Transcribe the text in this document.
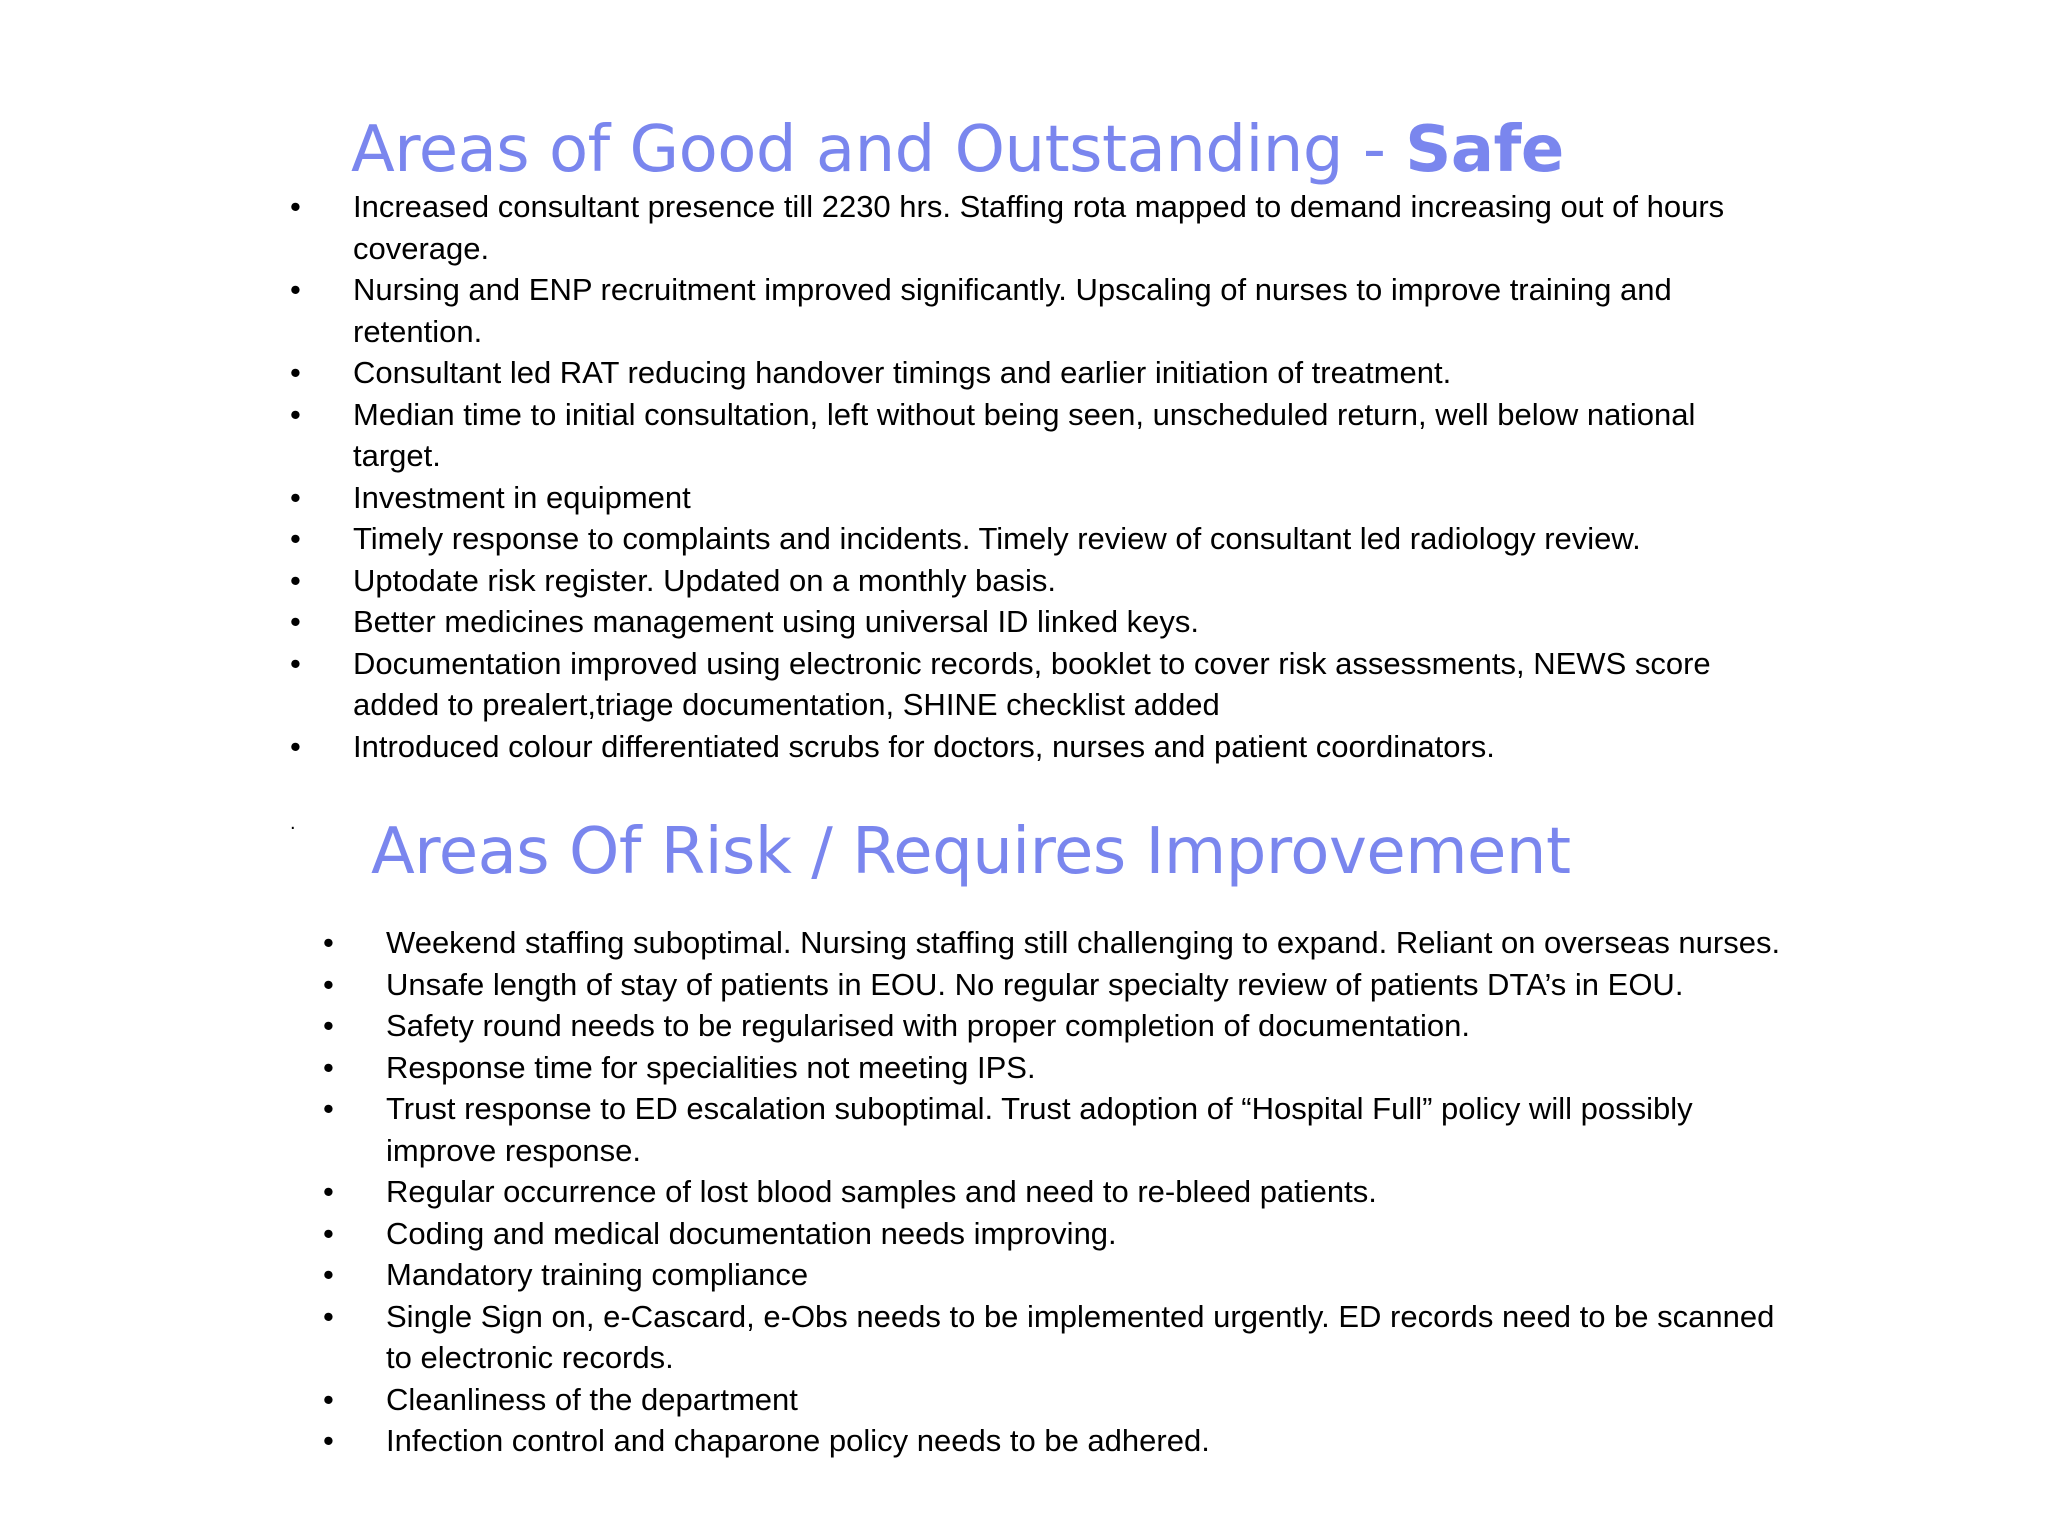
Areas of Good and Outstanding - Safe
•	Increased consultant presence till 2230 hrs. Staffing rota mapped to demand increasing out of hours coverage.
•	Nursing and ENP recruitment improved significantly. Upscaling of nurses to improve training and retention.
•	Consultant led RAT reducing handover timings and earlier initiation of treatment.
•	Median time to initial consultation, left without being seen, unscheduled return, well below national target.
•	Investment in equipment
•	Timely response to complaints and incidents. Timely review of consultant led radiology review.
•	Uptodate risk register. Updated on a monthly basis.
•	Better medicines management using universal ID linked keys.
•	Documentation improved using electronic records, booklet to cover risk assessments, NEWS score added to prealert,triage documentation, SHINE checklist added
•	Introduced colour differentiated scrubs for doctors, nurses and patient coordinators.
. Areas Of Risk / Requires Improvement
•	Weekend staffing suboptimal. Nursing staffing still challenging to expand. Reliant on overseas nurses.
•	Unsafe length of stay of patients in EOU. No regular specialty review of patients DTA’s in EOU.
•	Safety round needs to be regularised with proper completion of documentation.
•	Response time for specialities not meeting IPS.
•	Trust response to ED escalation suboptimal. Trust adoption of “Hospital Full” policy will possibly improve response.
•	Regular occurrence of lost blood samples and need to re-bleed patients.
•	Coding and medical documentation needs improving.
•	Mandatory training compliance
•	Single Sign on, e-Cascard, e-Obs needs to be implemented urgently. ED records need to be scanned to electronic records.
•	Cleanliness of the department
•	Infection control and chaparone policy needs to be adhered.
